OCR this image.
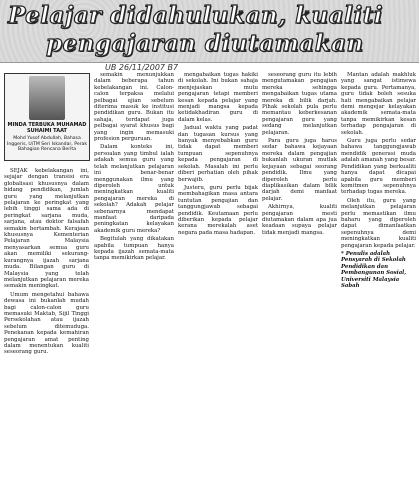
Pelajar didahulukan, kualiti
pengajaran diutamakan
UB 26/11/2007 B7
MINDA TERBUKA MUHAMAD SUHAIMI TAAT
Mohd Yusof Abdullah, Bahasa Inggeris, UiTM Seri Iskandar, Perak Bahagian Rencana Berita

SEJAK kebelakangan ini, sejajar dengan transisi era globalisasi khususnya dalam bidang pendidikan, jumlah guru yang melanjutkan pelajaran ke peringkat yang lebih tinggi sama ada di peringkat sarjana muda, sarjana, atau doktor falsafah semakin bertambah. Kerajaan khususnya Kementerian Pelajaran Malaysia menyasarkan semua guru akan memiliki sekurang-kurangnya ijazah sarjana muda. Bilangan guru di Malaysia yang telah melanjutkan pelajaran mereka semakin meningkat.

Umum mengetahui bahawa dewasa ini bukanlah mudah bagi calon-calon guru memasuki Maktab, Sijil Tinggi Persekolahan atau ijazah sebelum ditemuduga. Penekanan kepada kemahiran pengajaran amat penting dalam menentukan kualiti seseorang guru.

semakin menunjukkan dalam beberapa tahun kebelakangan ini. Calon-calon terpaksa melalui pelbagai ujian sebelum diterima masuk ke institusi pendidikan guru. Bukan itu sahaja, terdapat juga pelbagai syarat khusus bagi yang ingin memasuki profesion perguruan.

Dalam konteks ini, persoalan yang timbul ialah adakah semua guru yang telah melanjutkan pelajaran ini benar-benar menggunakan ilmu yang diperoleh untuk meningkatkan kualiti pengajaran mereka di sekolah? Adakah pelajar sebenarnya mendapat manfaat daripada peningkatan kelayakan akademik guru mereka?

Begitulah yang dikatakan apabila tumpuan hanya kepada ijazah semata-mata tanpa memikirkan pelajar.

mengabaikan tugas hakiki di sekolah. Ini bukan sahaja menjejaskan mutu pengajaran tetapi memberi kesan kepada pelajar yang menjadi mangsa kepada ketidakhadiran guru di dalam kelas.

Jadual waktu yang padat dan tugasan kursus yang banyak menyebabkan guru tidak dapat memberi tumpuan sepenuhnya kepada pengajaran di sekolah. Masalah ini perlu diberi perhatian oleh pihak berwajib.

Justeru, guru perlu bijak membahagikan masa antara tuntutan pengajian dan tanggungjawab sebagai pendidik. Keutamaan perlu diberikan kepada pelajar kerana merekalah aset negara pada masa hadapan.

seseorang guru itu lebih mengutamakan pengajian mereka sehingga mengabaikan tugas utama mereka di bilik darjah. Pihak sekolah pula perlu memantau keberkesanan pengajaran guru yang sedang melanjutkan pelajaran.

Para guru juga harus sedar bahawa kejayaan mereka dalam pengajian bukanlah ukuran mutlak kejayaan sebagai seorang pendidik. Ilmu yang diperoleh perlu diaplikasikan dalam bilik darjah demi manfaat pelajar.

Akhirnya, kualiti pengajaran mesti diutamakan dalam apa jua keadaan supaya pelajar tidak menjadi mangsa.

Mantan adalah makhluk yang sangat istimewa kepada guru. Pertamanya, guru tidak boleh sesuka hati mengabaikan pelajar demi mengejar kelayakan akademik semata-mata tanpa memikirkan kesan terhadap pengajaran di sekolah.

Guru juga perlu sedar bahawa tanggungjawab mendidik generasi muda adalah amanah yang besar. Pendidikan yang berkualiti hanya dapat dicapai apabila guru memberi komitmen sepenuhnya terhadap tugas mereka.

Oleh itu, guru yang melanjutkan pelajaran perlu memastikan ilmu baharu yang diperoleh dapat dimanfaatkan sepenuhnya demi meningkatkan kualiti pengajaran kepada pelajar.

* Penulis adalah Pensyarah di Sekolah Pendidikan dan Pembangunan Sosial, Universiti Malaysia Sabah
